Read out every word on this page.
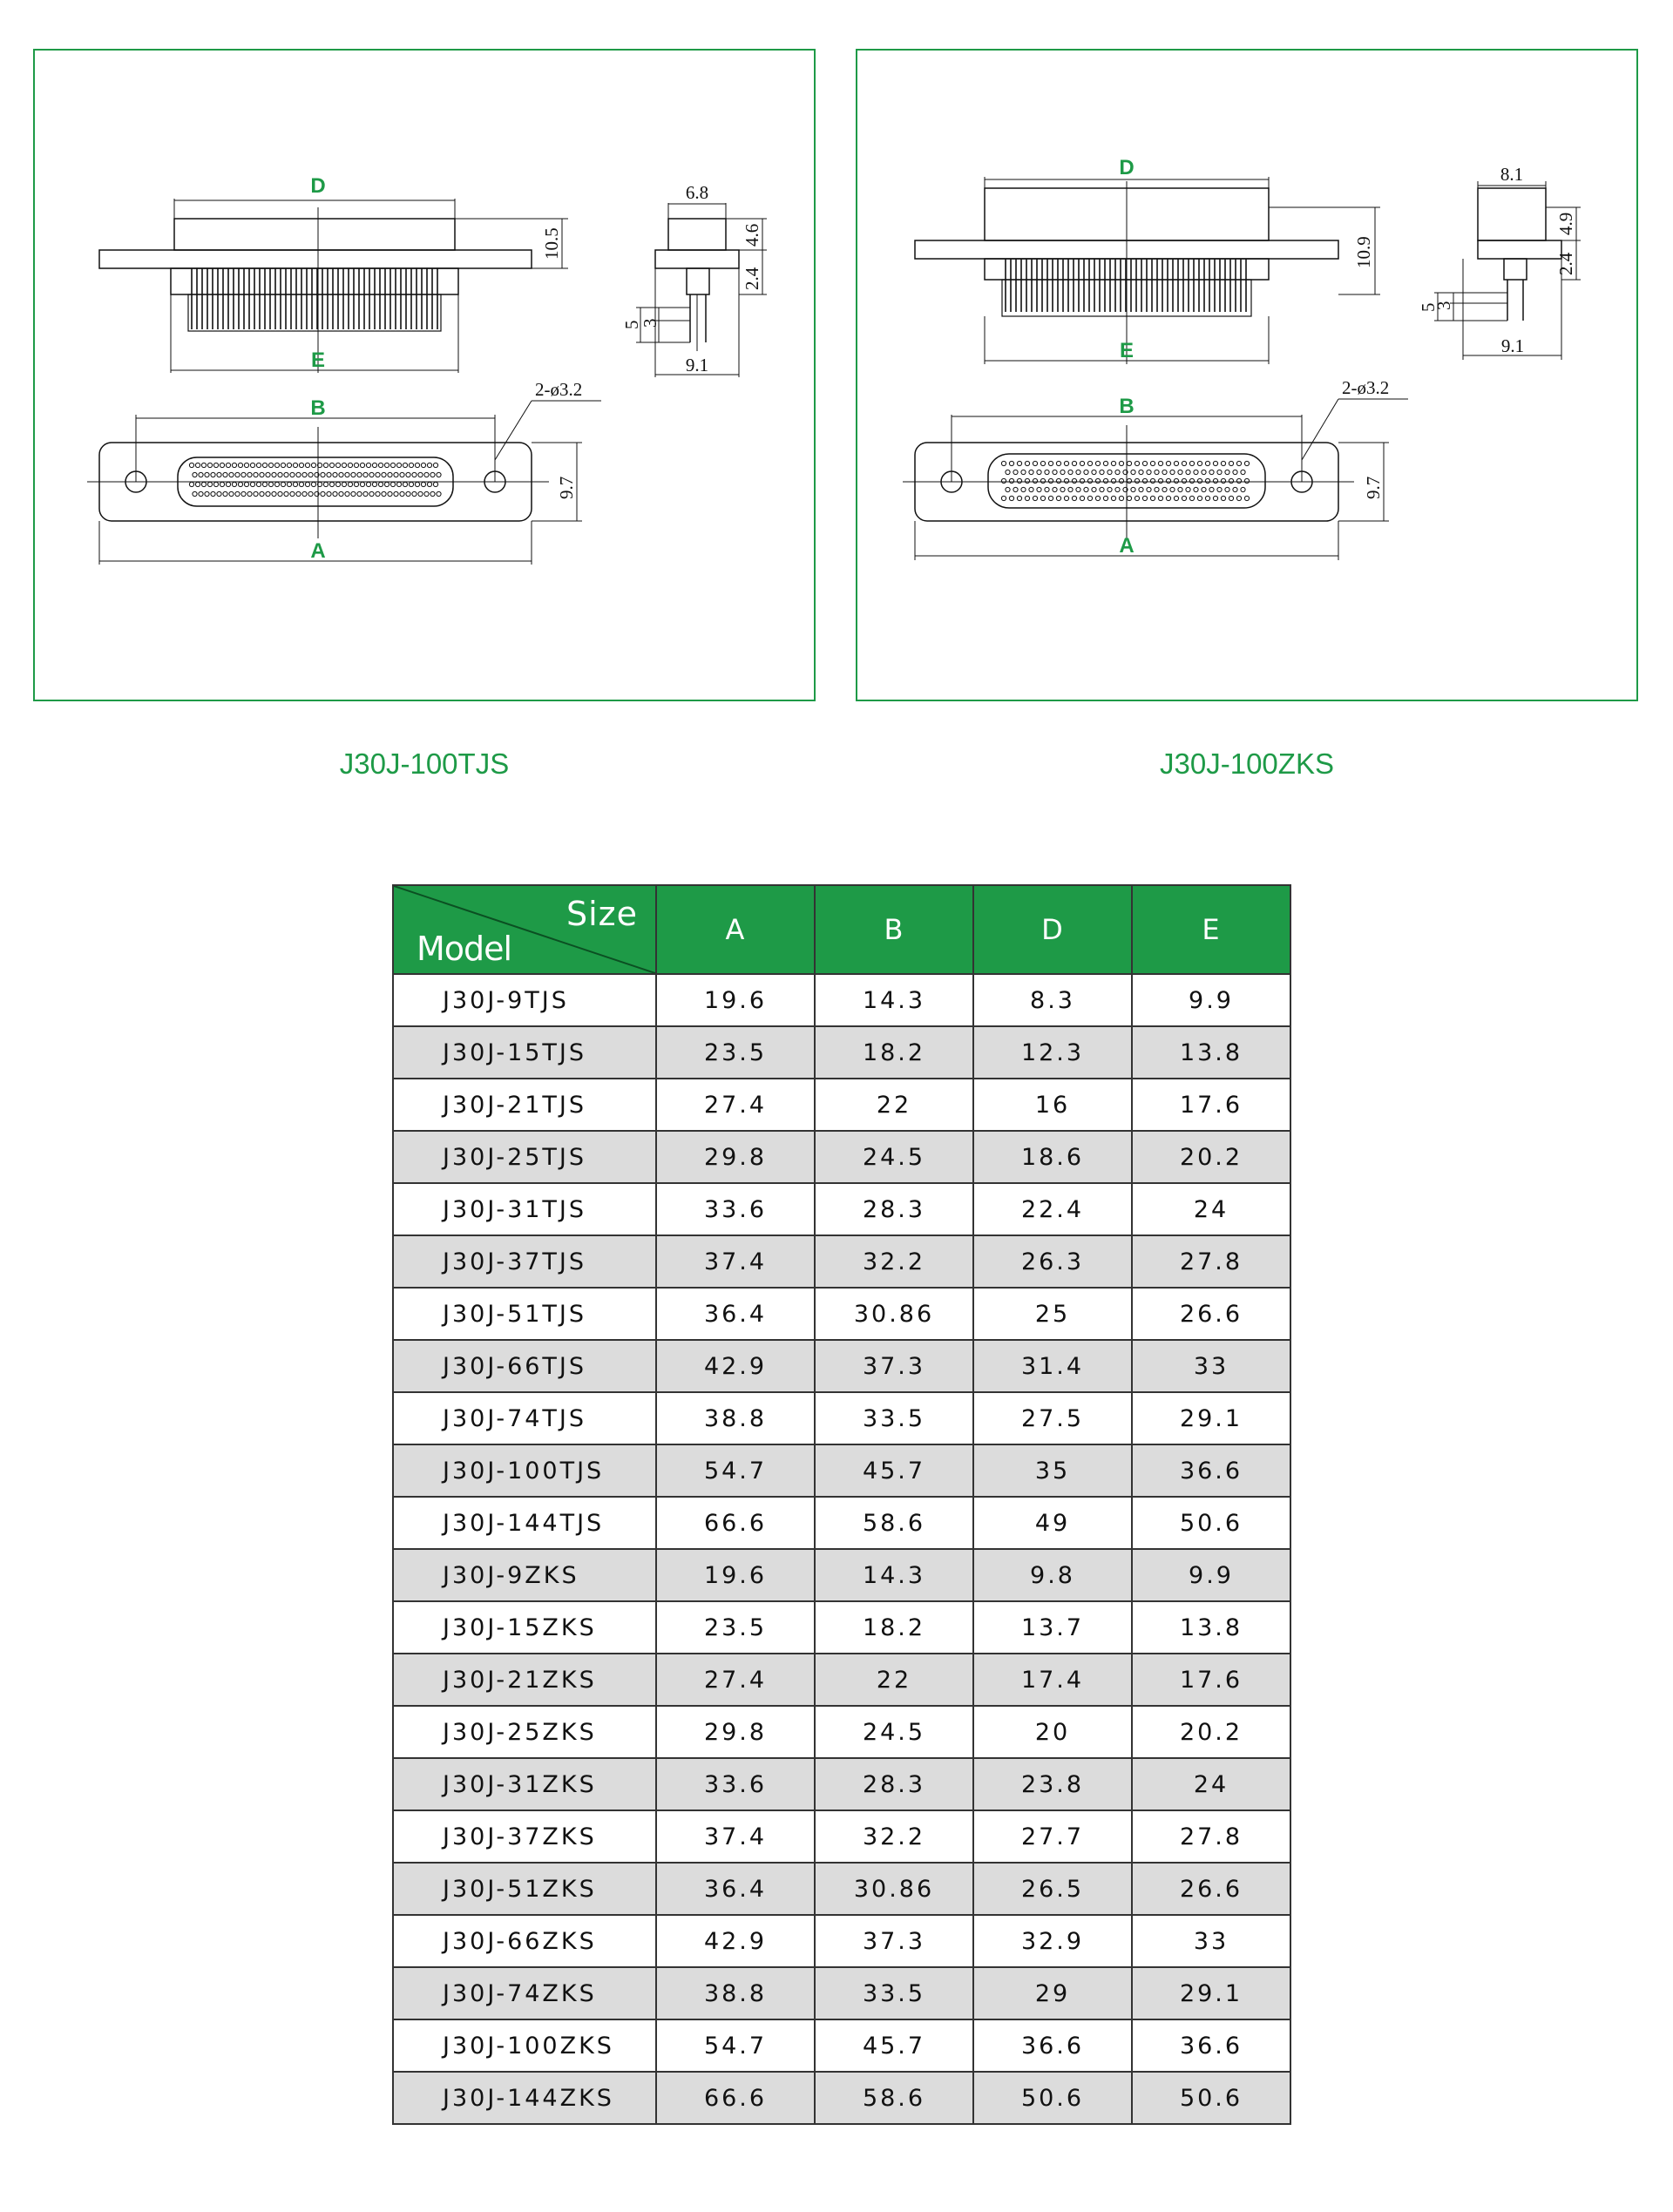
D
E
10.5
9.1
6.8
4.6
2.4
5
3
B
2-ø3.2
A
9.7
D
E
10.9
9.1
8.1
4.9
2.4
5
3
B
2-ø3.2
A
9.7
J30J-100TJS	J30J-100ZKS
Size
Model	A	B	D	E
J30J-9TJS	19.6	14.3	8.3	9.9
J30J-15TJS	23.5	18.2	12.3	13.8
J30J-21TJS	27.4	22	16	17.6
J30J-25TJS	29.8	24.5	18.6	20.2
J30J-31TJS	33.6	28.3	22.4	24
J30J-37TJS	37.4	32.2	26.3	27.8
J30J-51TJS	36.4	30.86	25	26.6
J30J-66TJS	42.9	37.3	31.4	33
J30J-74TJS	38.8	33.5	27.5	29.1
J30J-100TJS	54.7	45.7	35	36.6
J30J-144TJS	66.6	58.6	49	50.6
J30J-9ZKS	19.6	14.3	9.8	9.9
J30J-15ZKS	23.5	18.2	13.7	13.8
J30J-21ZKS	27.4	22	17.4	17.6
J30J-25ZKS	29.8	24.5	20	20.2
J30J-31ZKS	33.6	28.3	23.8	24
J30J-37ZKS	37.4	32.2	27.7	27.8
J30J-51ZKS	36.4	30.86	26.5	26.6
J30J-66ZKS	42.9	37.3	32.9	33
J30J-74ZKS	38.8	33.5	29	29.1
J30J-100ZKS	54.7	45.7	36.6	36.6
J30J-144ZKS	66.6	58.6	50.6	50.6
